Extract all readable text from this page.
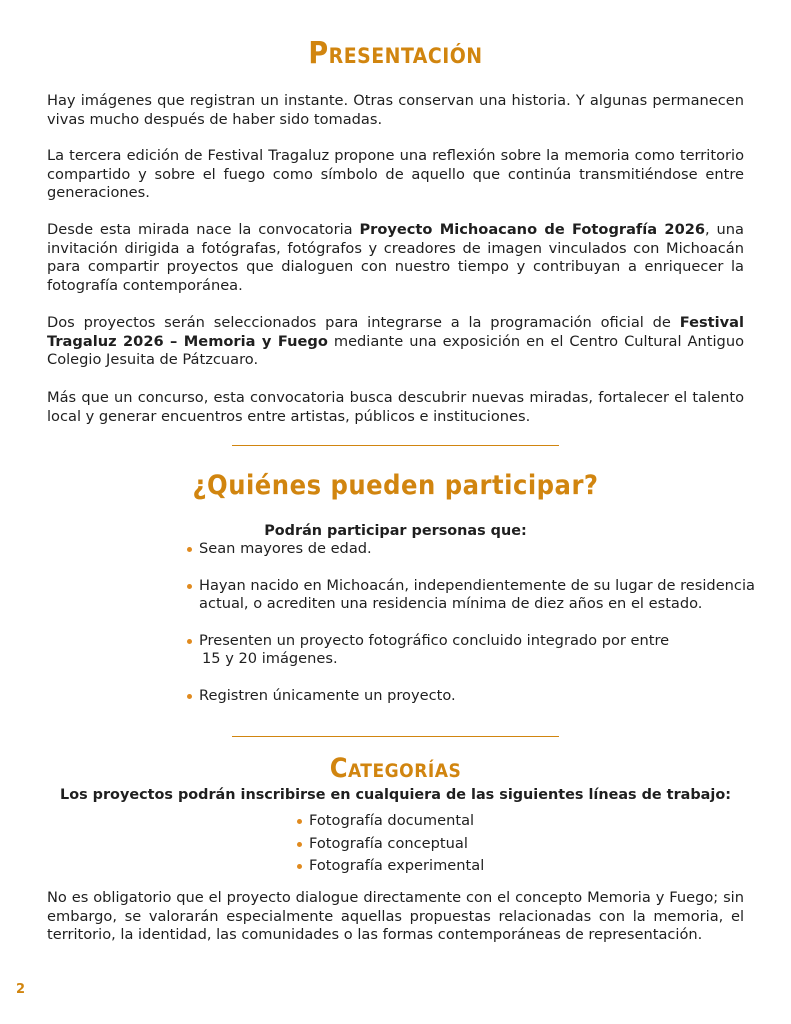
Presentación

Hay imágenes que registran un instante. Otras conservan una historia. Y algunas permanecen vivas mucho después de haber sido tomadas.

La tercera edición de Festival Tragaluz propone una reflexión sobre la memoria como territorio compartido y sobre el fuego como símbolo de aquello que continúa transmitiéndose entre generaciones.

Desde esta mirada nace la convocatoria Proyecto Michoacano de Fotografía 2026, una invitación dirigida a fotógrafas, fotógrafos y creadores de imagen vinculados con Michoacán para compartir proyectos que dialoguen con nuestro tiempo y contribuyan a enriquecer la fotografía contemporánea.

Dos proyectos serán seleccionados para integrarse a la programación oficial de Festival Tragaluz 2026 – Memoria y Fuego mediante una exposición en el Centro Cultural Antiguo Colegio Jesuita de Pátzcuaro.

Más que un concurso, esta convocatoria busca descubrir nuevas miradas, fortalecer el talento local y generar encuentros entre artistas, públicos e instituciones.

¿Quiénes pueden participar?

Podrán participar personas que:

Sean mayores de edad.
Hayan nacido en Michoacán, independientemente de su lugar de residencia
actual, o acrediten una residencia mínima de diez años en el estado.
Presenten un proyecto fotográfico concluido integrado por entre
15 y 20 imágenes.
Registren únicamente un proyecto.
Categorías

Los proyectos podrán inscribirse en cualquiera de las siguientes líneas de trabajo:

Fotografía documental
Fotografía conceptual
Fotografía experimental

No es obligatorio que el proyecto dialogue directamente con el concepto Memoria y Fuego; sin embargo, se valorarán especialmente aquellas propuestas relacionadas con la memoria, el territorio, la identidad, las comunidades o las formas contemporáneas de representación.

2
